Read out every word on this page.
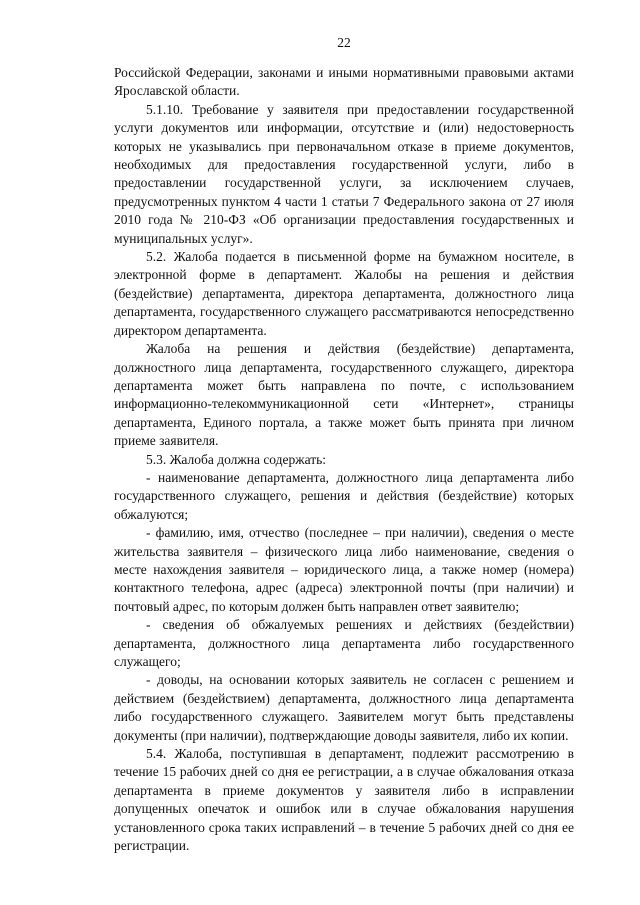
22

Российской Федерации, законами и иными нормативными правовыми актами Ярославской области.

5.1.10. Требование у заявителя при предоставлении государственной услуги документов или информации, отсутствие и (или) недостоверность которых не указывались при первоначальном отказе в приеме документов, необходимых для предоставления государственной услуги, либо в предоставлении государственной услуги, за исключением случаев, предусмотренных пунктом 4 части 1 статьи 7 Федерального закона от 27 июля 2010 года № 210-ФЗ «Об организации предоставления государственных и муниципальных услуг».

5.2. Жалоба подается в письменной форме на бумажном носителе, в электронной форме в департамент. Жалобы на решения и действия (бездействие) департамента, директора департамента, должностного лица департамента, государственного служащего рассматриваются непосредственно директором департамента.

Жалоба на решения и действия (бездействие) департамента, должностного лица департамента, государственного служащего, директора департамента может быть направлена по почте, с использованием информационно-телекоммуникационной сети «Интернет», страницы департамента, Единого портала, а также может быть принята при личном приеме заявителя.

5.3. Жалоба должна содержать:

- наименование департамента, должностного лица департамента либо государственного служащего, решения и действия (бездействие) которых обжалуются;

- фамилию, имя, отчество (последнее – при наличии), сведения о месте жительства заявителя – физического лица либо наименование, сведения о месте нахождения заявителя – юридического лица, а также номер (номера) контактного телефона, адрес (адреса) электронной почты (при наличии) и почтовый адрес, по которым должен быть направлен ответ заявителю;

- сведения об обжалуемых решениях и действиях (бездействии) департамента, должностного лица департамента либо государственного служащего;

- доводы, на основании которых заявитель не согласен с решением и действием (бездействием) департамента, должностного лица департамента либо государственного служащего. Заявителем могут быть представлены документы (при наличии), подтверждающие доводы заявителя, либо их копии.

5.4. Жалоба, поступившая в департамент, подлежит рассмотрению в течение 15 рабочих дней со дня ее регистрации, а в случае обжалования отказа департамента в приеме документов у заявителя либо в исправлении допущенных опечаток и ошибок или в случае обжалования нарушения установленного срока таких исправлений – в течение 5 рабочих дней со дня ее регистрации.
